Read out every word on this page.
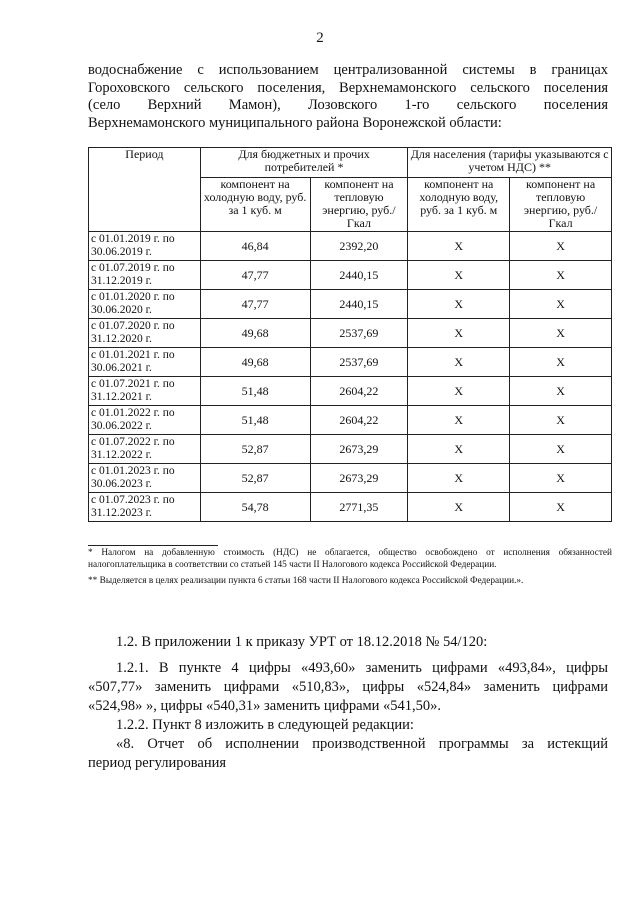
2
водоснабжение с использованием централизованной системы в границах
Гороховского сельского поселения, Верхнемамонского сельского поселения
(село Верхний Мамон), Лозовского 1-го сельского поселения
Верхнемамонского муниципального района Воронежской области:
Период	Для бюджетных и прочих потребителей *		Для населения (тарифы указываются с учетом НДС) **	
	компонент на холодную воду, руб. за 1 куб. м	компонент на тепловую энергию, руб./Гкал	компонент на холодную воду, руб. за 1 куб. м	компонент на тепловую энергию, руб./Гкал
с 01.01.2019 г. по 30.06.2019 г.	46,84	2392,20	X	X
с 01.07.2019 г. по 31.12.2019 г.	47,77	2440,15	X	X
с 01.01.2020 г. по 30.06.2020 г.	47,77	2440,15	X	X
с 01.07.2020 г. по 31.12.2020 г.	49,68	2537,69	X	X
с 01.01.2021 г. по 30.06.2021 г.	49,68	2537,69	X	X
с 01.07.2021 г. по 31.12.2021 г.	51,48	2604,22	X	X
с 01.01.2022 г. по 30.06.2022 г.	51,48	2604,22	X	X
с 01.07.2022 г. по 31.12.2022 г.	52,87	2673,29	X	X
с 01.01.2023 г. по 30.06.2023 г.	52,87	2673,29	X	X
с 01.07.2023 г. по 31.12.2023 г.	54,78	2771,35	X	X

* Налогом на добавленную стоимость (НДС) не облагается, общество освобождено от исполнения обязанностей налогоплательщика в соответствии со статьей 145 части II Налогового кодекса Российской Федерации.

** Выделяется в целях реализации пункта 6 статьи 168 части II Налогового кодекса Российской Федерации.».

1.2. В приложении 1 к приказу УРТ от 18.12.2018 № 54/120:

1.2.1. В пункте 4 цифры «493,60» заменить цифрами «493,84», цифры

«507,77» заменить цифрами «510,83», цифры «524,84» заменить цифрами

«524,98» », цифры «540,31» заменить цифрами «541,50».

1.2.2. Пункт 8 изложить в следующей редакции:

«8. Отчет об исполнении производственной программы за истекщий

период регулирования
